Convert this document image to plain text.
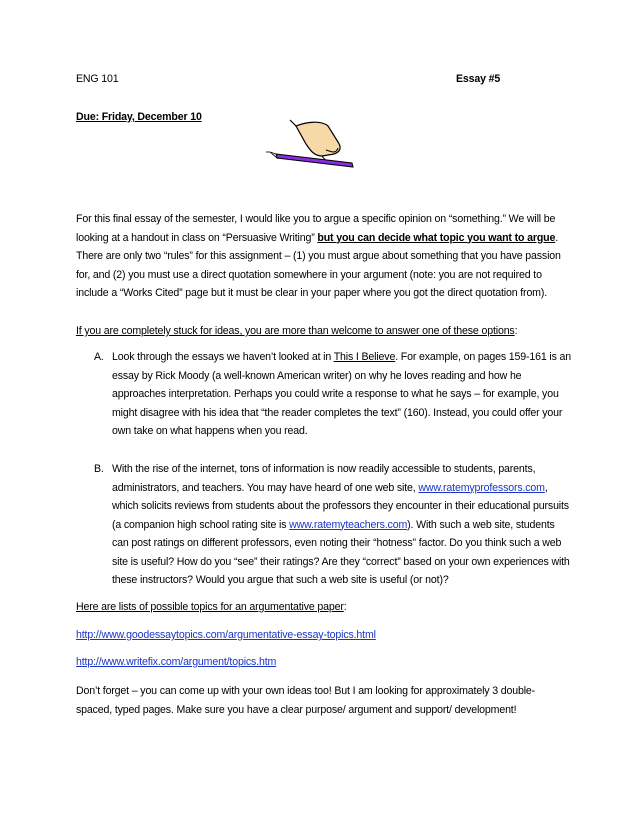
ENG 101	Essay #5
Due: Friday, December 10
For this final essay of the semester, I would like you to argue a specific opinion on “something.” We will be looking at a handout in class on “Persuasive Writing” but you can decide what topic you want to argue. There are only two “rules” for this assignment – (1) you must argue about something that you have passion for, and (2) you must use a direct quotation somewhere in your argument (note: you are not required to include a “Works Cited” page but it must be clear in your paper where you got the direct quotation from).
If you are completely stuck for ideas, you are more than welcome to answer one of these options:
A. Look through the essays we haven’t looked at in This I Believe. For example, on pages 159-161 is an essay by Rick Moody (a well-known American writer) on why he loves reading and how he approaches interpretation. Perhaps you could write a response to what he says – for example, you might disagree with his idea that “the reader completes the text” (160). Instead, you could offer your own take on what happens when you read.
B. With the rise of the internet, tons of information is now readily accessible to students, parents, administrators, and teachers. You may have heard of one web site, www.ratemyprofessors.com, which solicits reviews from students about the professors they encounter in their educational pursuits (a companion high school rating site is www.ratemyteachers.com). With such a web site, students can post ratings on different professors, even noting their “hotness” factor. Do you think such a web site is useful? How do you “see” their ratings? Are they “correct” based on your own experiences with these instructors? Would you argue that such a web site is useful (or not)?
Here are lists of possible topics for an argumentative paper:
http://www.goodessaytopics.com/argumentative-essay-topics.html
http://www.writefix.com/argument/topics.htm
Don’t forget – you can come up with your own ideas too! But I am looking for approximately 3 double-spaced, typed pages. Make sure you have a clear purpose/ argument and support/ development!
